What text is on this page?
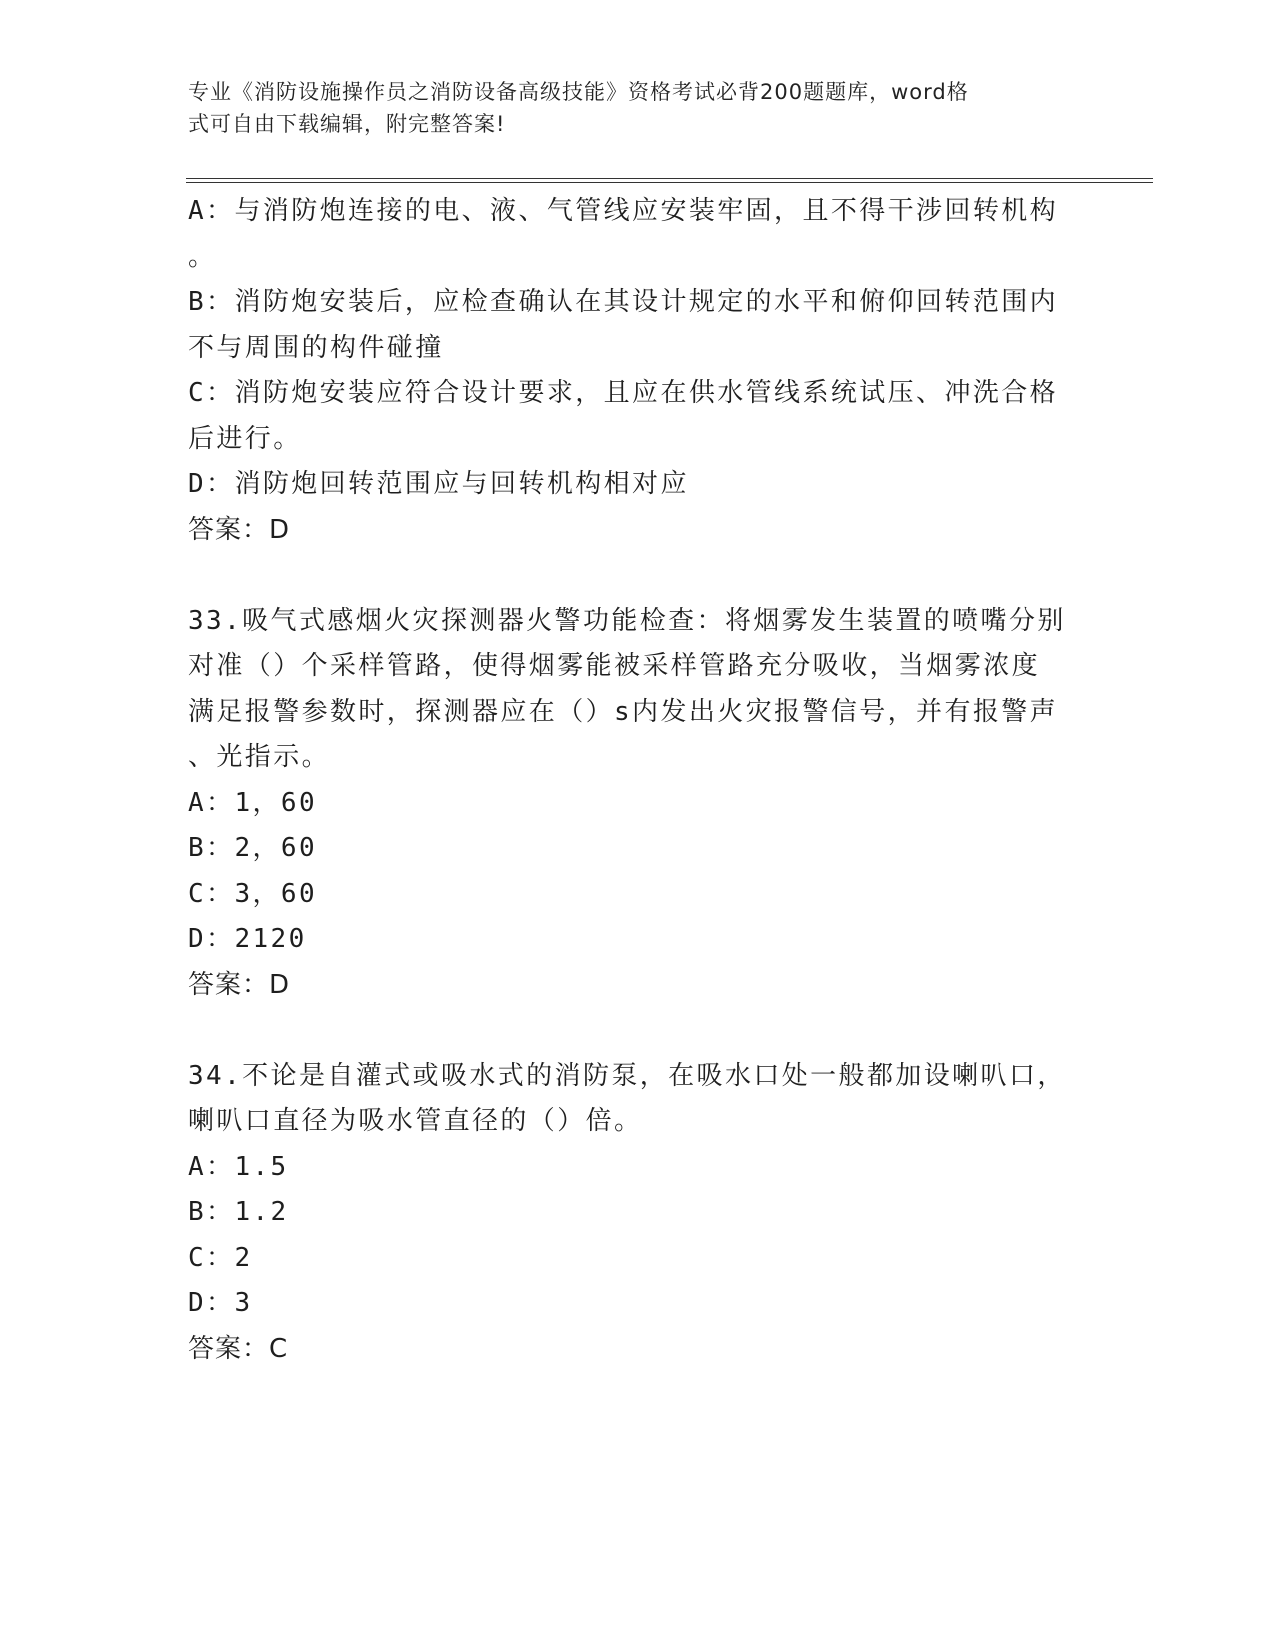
专业《消防设施操作员之消防设备高级技能》资格考试必背200题题库，word格
式可自由下载编辑，附完整答案!
A：与消防炮连接的电、液、气管线应安装牢固，且不得干涉回转机构
。
B：消防炮安装后，应检查确认在其设计规定的水平和俯仰回转范围内
不与周围的构件碰撞
C：消防炮安装应符合设计要求，且应在供水管线系统试压、冲洗合格
后进行。
D：消防炮回转范围应与回转机构相对应
答案：D
33.吸气式感烟火灾探测器火警功能检查：将烟雾发生装置的喷嘴分别
对准（）个采样管路，使得烟雾能被采样管路充分吸收，当烟雾浓度
满足报警参数时，探测器应在（）s内发出火灾报警信号，并有报警声
、光指示。
A：1，60
B：2，60
C：3，60
D：2120
答案：D
34.不论是自灌式或吸水式的消防泵，在吸水口处一般都加设喇叭口，
喇叭口直径为吸水管直径的（）倍。
A：1.5
B：1.2
C：2
D：3
答案：C
